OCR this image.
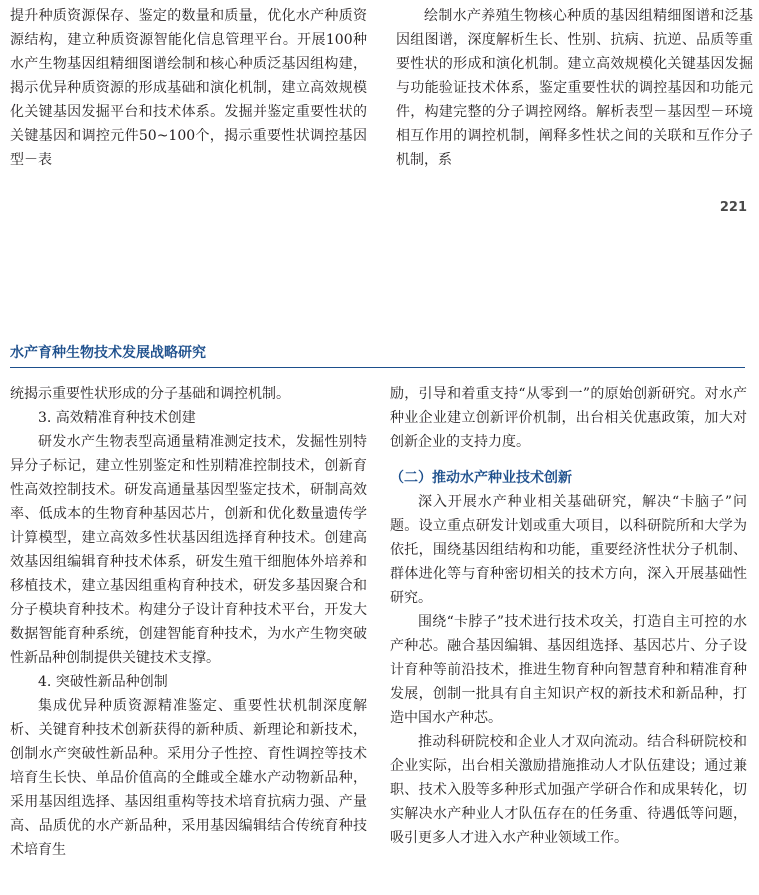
提升种质资源保存、鉴定的数量和质量，优化水产种质资源结构，建立种质资源智能化信息管理平台。开展100种水产生物基因组精细图谱绘制和核心种质泛基因组构建，揭示优异种质资源的形成基础和演化机制，建立高效规模化关键基因发掘平台和技术体系。发掘并鉴定重要性状的关键基因和调控元件50~100个，揭示重要性状调控基因型－表

绘制水产养殖生物核心种质的基因组精细图谱和泛基因组图谱，深度解析生长、性别、抗病、抗逆、品质等重要性状的形成和演化机制。建立高效规模化关键基因发掘与功能验证技术体系，鉴定重要性状的调控基因和功能元件，构建完整的分子调控网络。解析表型－基因型－环境相互作用的调控机制，阐释多性状之间的关联和互作分子机制，系

221
水产育种生物技术发展战略研究

统揭示重要性状形成的分子基础和调控机制。

3. 高效精准育种技术创建

研发水产生物表型高通量精准测定技术，发掘性别特异分子标记，建立性别鉴定和性别精准控制技术，创新育性高效控制技术。研发高通量基因型鉴定技术，研制高效率、低成本的生物育种基因芯片，创新和优化数量遗传学计算模型，建立高效多性状基因组选择育种技术。创建高效基因组编辑育种技术体系，研发生殖干细胞体外培养和移植技术，建立基因组重构育种技术，研发多基因聚合和分子模块育种技术。构建分子设计育种技术平台，开发大数据智能育种系统，创建智能育种技术，为水产生物突破性新品种创制提供关键技术支撑。

4. 突破性新品种创制

集成优异种质资源精准鉴定、重要性状机制深度解析、关键育种技术创新获得的新种质、新理论和新技术，创制水产突破性新品种。采用分子性控、育性调控等技术培育生长快、单品价值高的全雌或全雄水产动物新品种，采用基因组选择、基因组重构等技术培育抗病力强、产量高、品质优的水产新品种，采用基因编辑结合传统育种技术培育生

励，引导和着重支持“从零到一”的原始创新研究。对水产种业企业建立创新评价机制，出台相关优惠政策，加大对创新企业的支持力度。

（二）推动水产种业技术创新

深入开展水产种业相关基础研究，解决“卡脑子”问题。设立重点研发计划或重大项目，以科研院所和大学为依托，围绕基因组结构和功能，重要经济性状分子机制、群体进化等与育种密切相关的技术方向，深入开展基础性研究。

围绕“卡脖子”技术进行技术攻关，打造自主可控的水产种芯。融合基因编辑、基因组选择、基因芯片、分子设计育种等前沿技术，推进生物育种向智慧育种和精准育种发展，创制一批具有自主知识产权的新技术和新品种，打造中国水产种芯。

推动科研院校和企业人才双向流动。结合科研院校和企业实际，出台相关激励措施推动人才队伍建设；通过兼职、技术入股等多种形式加强产学研合作和成果转化，切实解决水产种业人才队伍存在的任务重、待遇低等问题，吸引更多人才进入水产种业领域工作。
